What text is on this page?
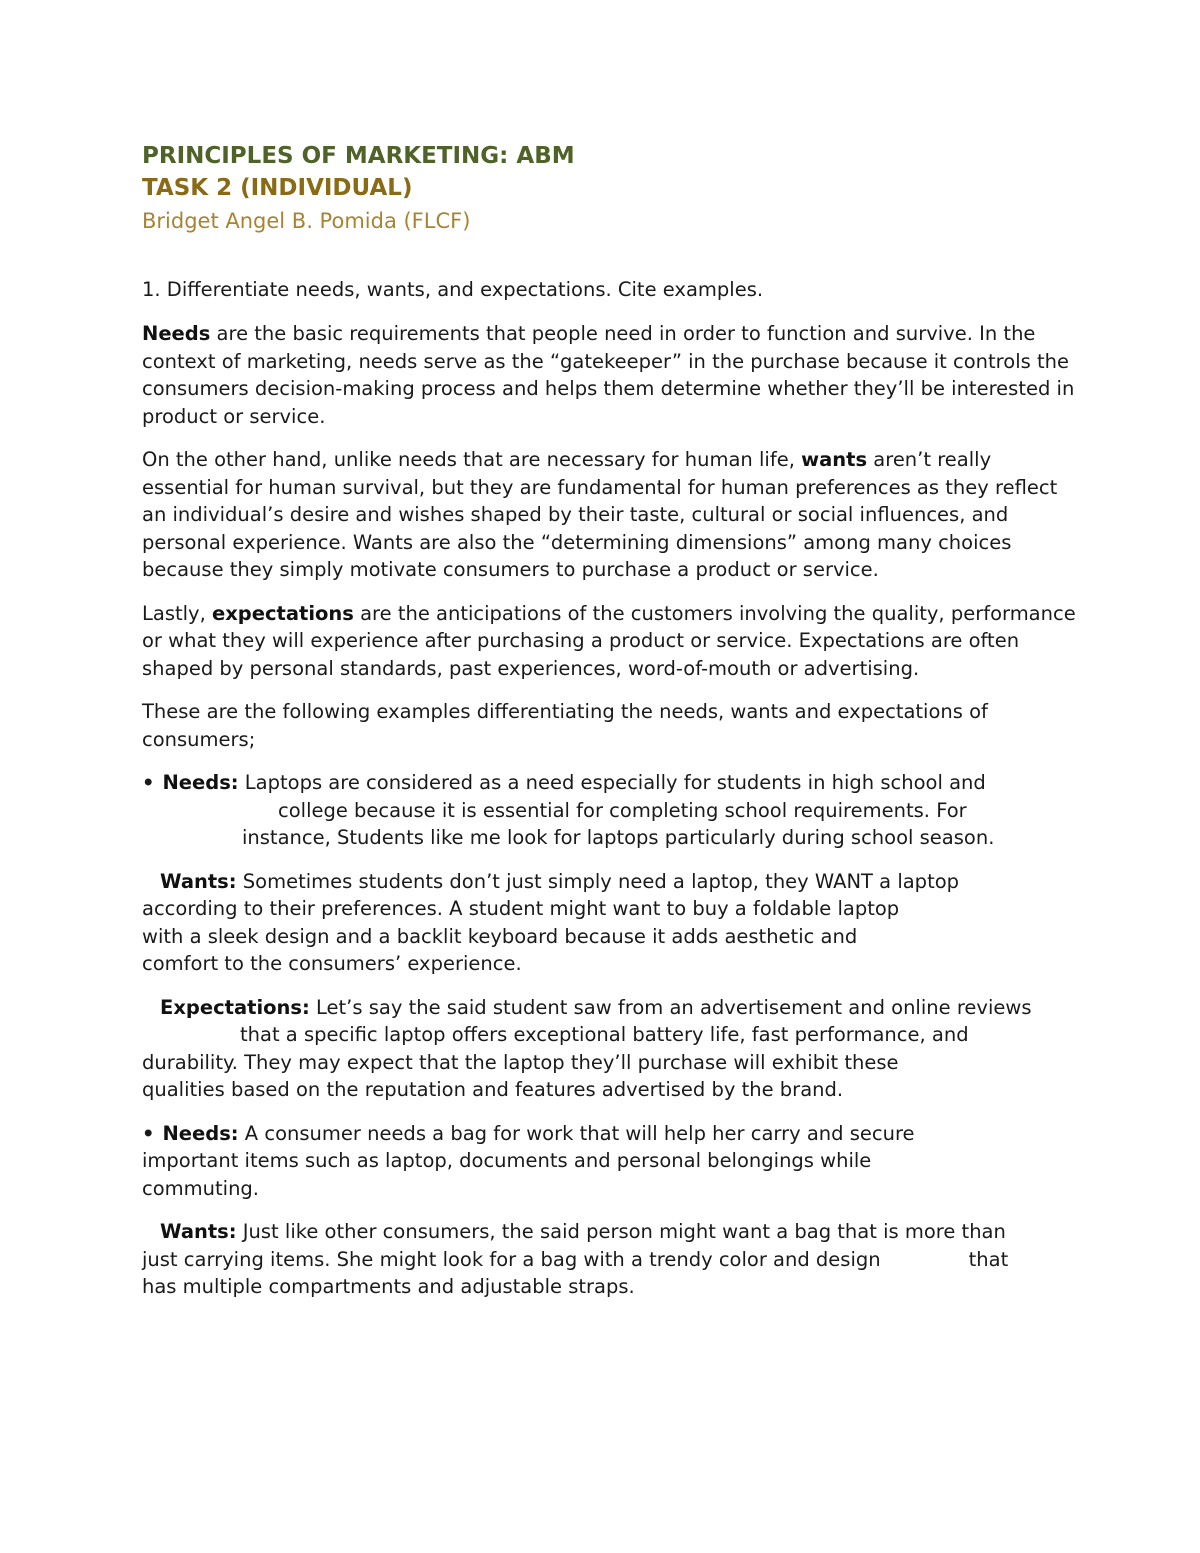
PRINCIPLES OF MARKETING: ABM
TASK 2 (INDIVIDUAL)
Bridget Angel B. Pomida (FLCF)
1. Differentiate needs, wants, and expectations. Cite examples.

Needs are the basic requirements that people need in order to function and survive. In the context of marketing, needs serve as the “gatekeeper” in the purchase because it controls the consumers decision-making process and helps them determine whether they’ll be interested in product or service.

On the other hand, unlike needs that are necessary for human life, wants aren’t really essential for human survival, but they are fundamental for human preferences as they reflect an individual’s desire and wishes shaped by their taste, cultural or social influences, and personal experience. Wants are also the “determining dimensions” among many choices because they simply motivate consumers to purchase a product or service.

Lastly, expectations are the anticipations of the customers involving the quality, performance or what they will experience after purchasing a product or service. Expectations are often shaped by personal standards, past experiences, word-of-mouth or advertising.

These are the following examples differentiating the needs, wants and expectations of consumers;

• Needs: Laptops are considered as a need especially for students in high school and
college because it is essential for completing school requirements. For
instance, Students like me look for laptops particularly during school season.

Wants: Sometimes students don’t just simply need a laptop, they WANT a laptop
according to their preferences. A student might want to buy a foldable laptop
with a sleek design and a backlit keyboard because it adds aesthetic and
comfort to the consumers’ experience.

Expectations: Let’s say the said student saw from an advertisement and online reviews
that a specific laptop offers exceptional battery life, fast performance, and
durability. They may expect that the laptop they’ll purchase will exhibit these
qualities based on the reputation and features advertised by the brand.

• Needs: A consumer needs a bag for work that will help her carry and secure
important items such as laptop, documents and personal belongings while
commuting.

Wants: Just like other consumers, the said person might want a bag that is more than
just carrying items. She might look for a bag with a trendy color and design	that
has multiple compartments and adjustable straps.
